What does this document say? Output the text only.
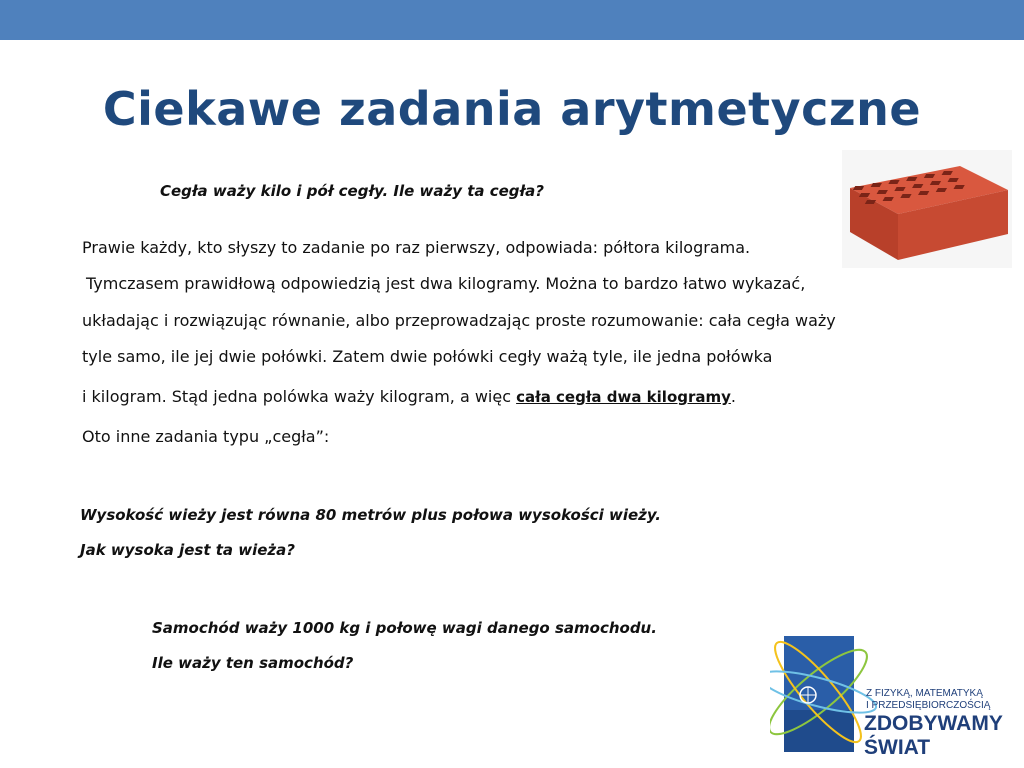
Ciekawe zadania arytmetyczne
Cegła waży kilo i pół cegły. Ile waży ta cegła?
Prawie każdy, kto słyszy to zadanie po raz pierwszy, odpowiada: półtora kilograma.
Tymczasem prawidłową odpowiedzią jest dwa kilogramy. Można to bardzo łatwo wykazać,
układając i rozwiązując równanie, albo przeprowadzając proste rozumowanie: cała cegła waży
tyle samo, ile jej dwie połówki. Zatem dwie połówki cegły ważą tyle, ile jedna połówka
i kilogram. Stąd jedna polówka waży kilogram, a więc cała cegła dwa kilogramy.
Oto inne zadania typu „cegła”:
Wysokość wieży jest równa 80 metrów plus połowa wysokości wieży.
Jak wysoka jest ta wieża?
Samochód waży 1000 kg i połowę wagi danego samochodu.
Ile waży ten samochód?
Z FIZYKĄ, MATEMATYKĄ
I PRZEDSIĘBIORCZOŚCIĄ
ZDOBYWAMY
ŚWIAT
